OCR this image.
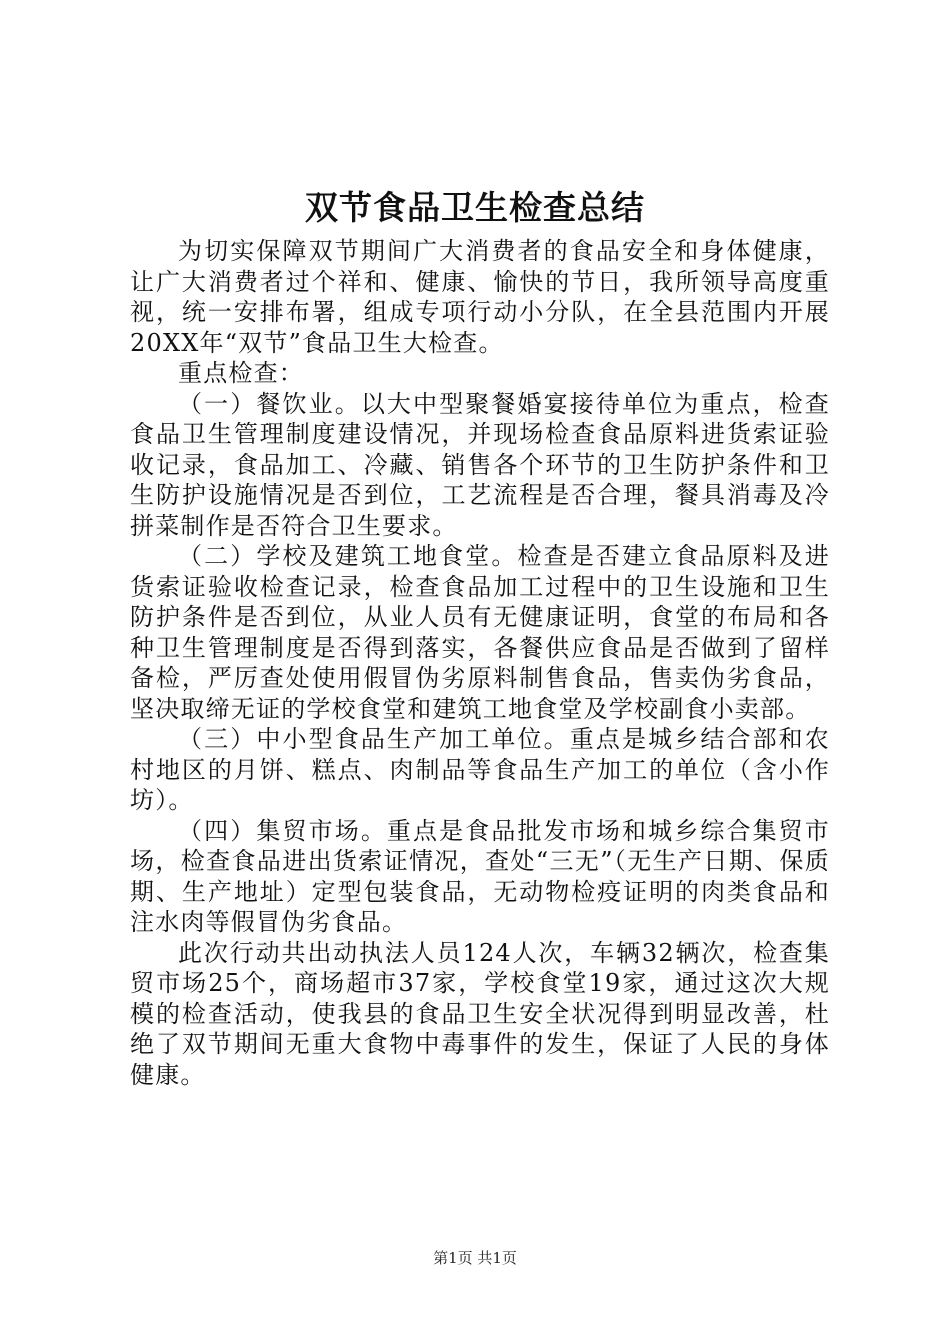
双节食品卫生检查总结

为切实保障双节期间广大消费者的食品安全和身体健康，让广大消费者过个祥和、健康、愉快的节日，我所领导高度重视，统一安排布署，组成专项行动小分队，在全县范围内开展20XX年“双节”食品卫生大检查。

重点检查：

（一）餐饮业。以大中型聚餐婚宴接待单位为重点，检查食品卫生管理制度建设情况，并现场检查食品原料进货索证验收记录，食品加工、冷藏、销售各个环节的卫生防护条件和卫生防护设施情况是否到位，工艺流程是否合理，餐具消毒及冷拼菜制作是否符合卫生要求。

（二）学校及建筑工地食堂。检查是否建立食品原料及进货索证验收检查记录，检查食品加工过程中的卫生设施和卫生防护条件是否到位，从业人员有无健康证明，食堂的布局和各种卫生管理制度是否得到落实，各餐供应食品是否做到了留样备检，严厉查处使用假冒伪劣原料制售食品，售卖伪劣食品，坚决取缔无证的学校食堂和建筑工地食堂及学校副食小卖部。

（三）中小型食品生产加工单位。重点是城乡结合部和农村地区的月饼、糕点、肉制品等食品生产加工的单位（含小作坊）。

（四）集贸市场。重点是食品批发市场和城乡综合集贸市场，检查食品进出货索证情况，查处“三无”（无生产日期、保质期、生产地址）定型包装食品，无动物检疫证明的肉类食品和注水肉等假冒伪劣食品。

此次行动共出动执法人员124人次，车辆32辆次，检查集贸市场25个，商场超市37家，学校食堂19家，通过这次大规模的检查活动，使我县的食品卫生安全状况得到明显改善，杜绝了双节期间无重大食物中毒事件的发生，保证了人民的身体健康。

第1页 共1页
